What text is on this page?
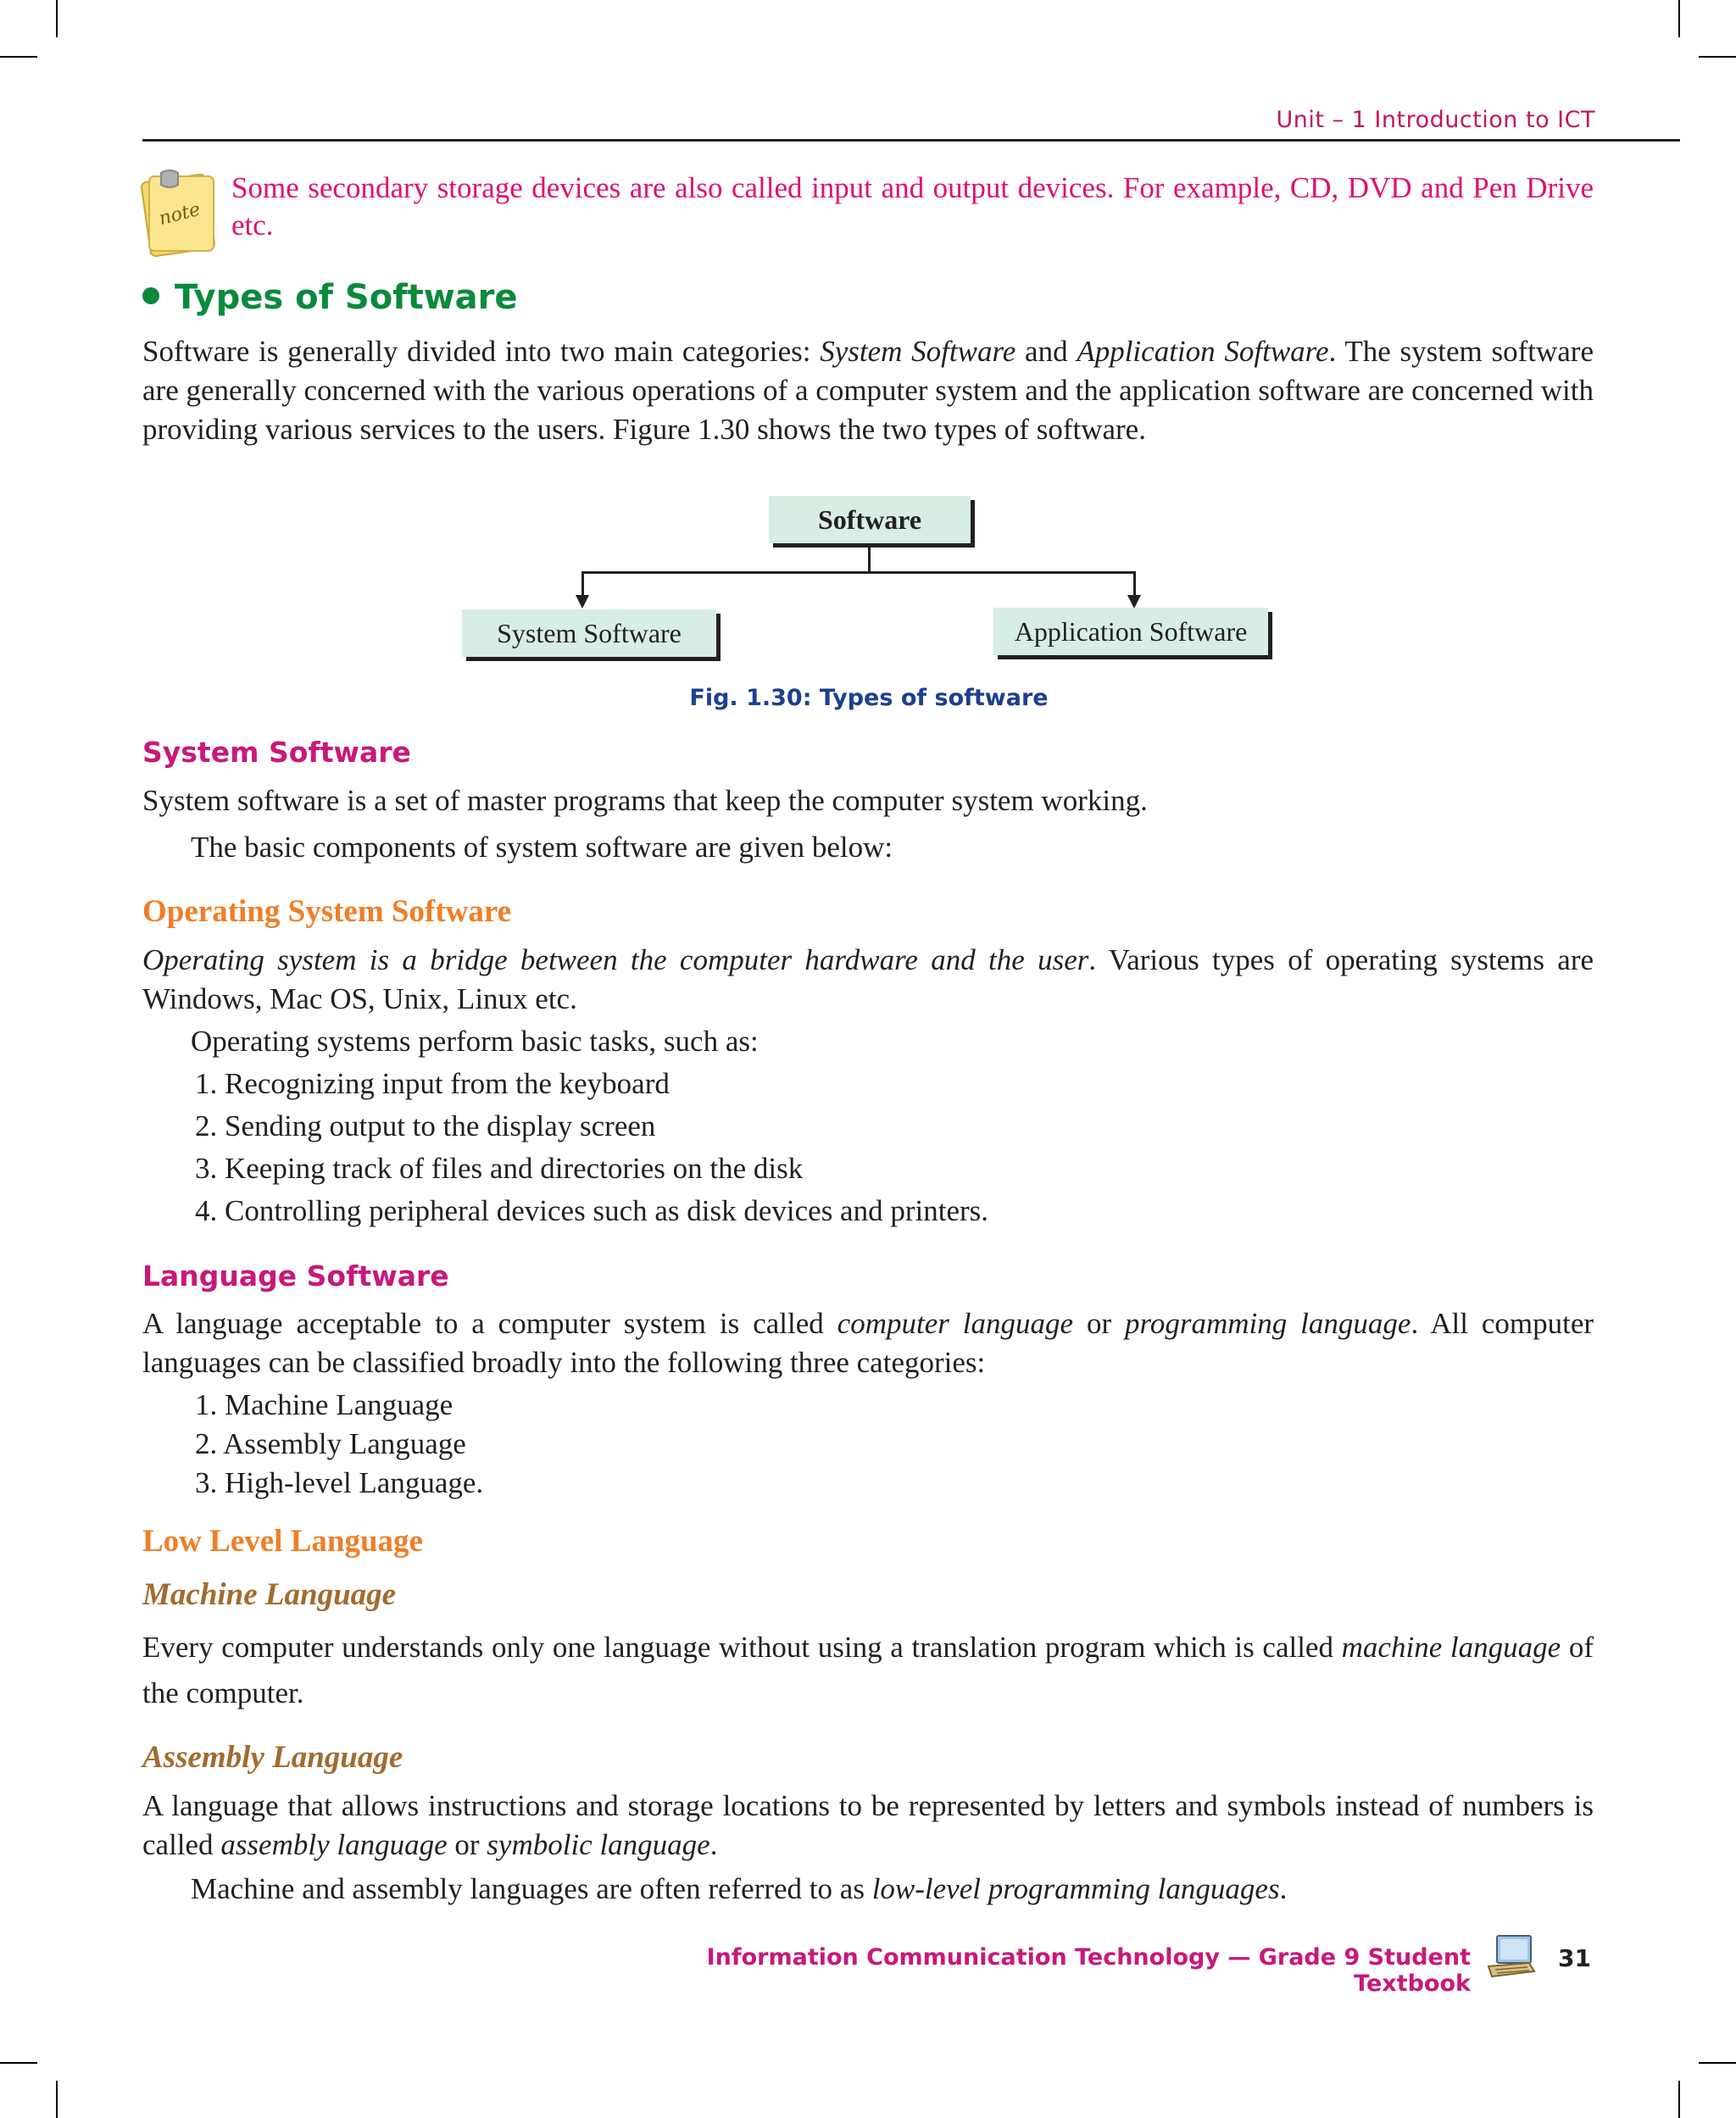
Unit – 1 Introduction to ICT
note
Some secondary storage devices are also called input and output devices. For example, CD, DVD and Pen Drive etc.
Types of Software
Software is generally divided into two main categories: System Software and Application Software. The system software are generally concerned with the various operations of a computer system and the application software are concerned with providing various services to the users. Figure 1.30 shows the two types of software.
Software
System Software	Application Software
Fig. 1.30: Types of software
System Software
System software is a set of master programs that keep the computer system working.
The basic components of system software are given below:
Operating System Software
Operating system is a bridge between the computer hardware and the user. Various types of operating systems are Windows, Mac OS, Unix, Linux etc.
Operating systems perform basic tasks, such as:
1. Recognizing input from the keyboard
2. Sending output to the display screen
3. Keeping track of files and directories on the disk
4. Controlling peripheral devices such as disk devices and printers.
Language Software
A language acceptable to a computer system is called computer language or programming language. All computer languages can be classified broadly into the following three categories:
1. Machine Language
2. Assembly Language
3. High-level Language.
Low Level Language
Machine Language
Every computer understands only one language without using a translation program which is called machine language of the computer.
Assembly Language
A language that allows instructions and storage locations to be represented by letters and symbols instead of numbers is called assembly language or symbolic language.
Machine and assembly languages are often referred to as low-level programming languages.
Information Communication Technology — Grade 9 Student Textbook
31
